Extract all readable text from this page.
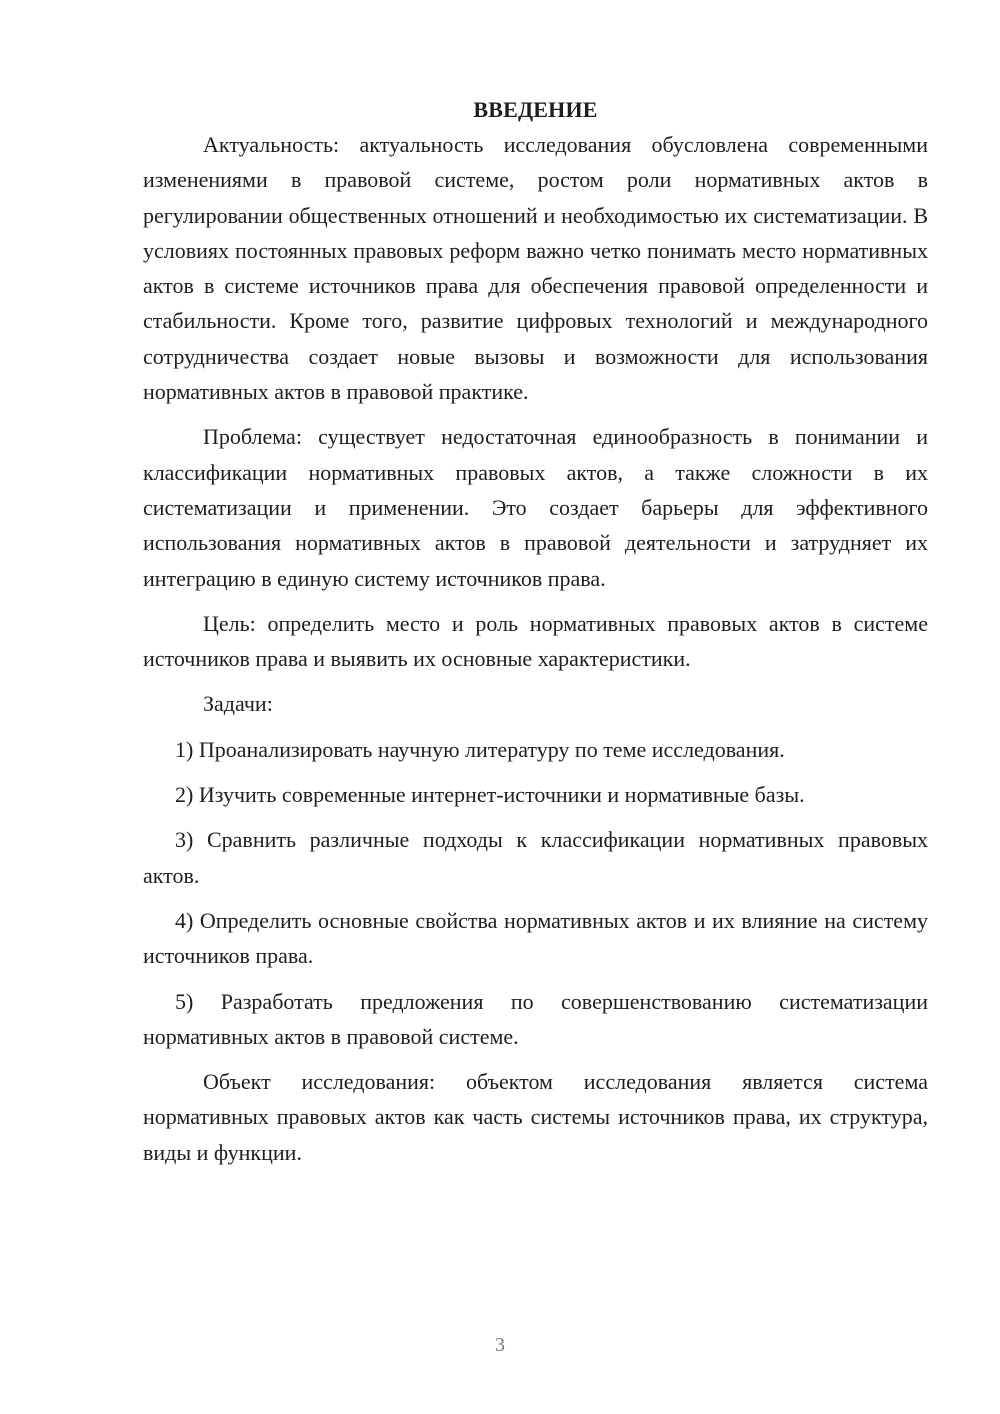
ВВЕДЕНИЕ

Актуальность: актуальность исследования обусловлена современными изменениями в правовой системе, ростом роли нормативных актов в регулировании общественных отношений и необходимостью их систематизации. В условиях постоянных правовых реформ важно четко понимать место нормативных актов в системе источников права для обеспечения правовой определенности и стабильности. Кроме того, развитие цифровых технологий и международного сотрудничества создает новые вызовы и возможности для использования нормативных актов в правовой практике.

Проблема: существует недостаточная единообразность в понимании и классификации нормативных правовых актов, а также сложности в их систематизации и применении. Это создает барьеры для эффективного использования нормативных актов в правовой деятельности и затрудняет их интеграцию в единую систему источников права.

Цель: определить место и роль нормативных правовых актов в системе источников права и выявить их основные характеристики.

Задачи:

1) Проанализировать научную литературу по теме исследования.

2) Изучить современные интернет-источники и нормативные базы.

3) Сравнить различные подходы к классификации нормативных правовых актов.

4) Определить основные свойства нормативных актов и их влияние на систему источников права.

5) Разработать предложения по совершенствованию систематизации нормативных актов в правовой системе.

Объект исследования: объектом исследования является система нормативных правовых актов как часть системы источников права, их структура, виды и функции.

3
